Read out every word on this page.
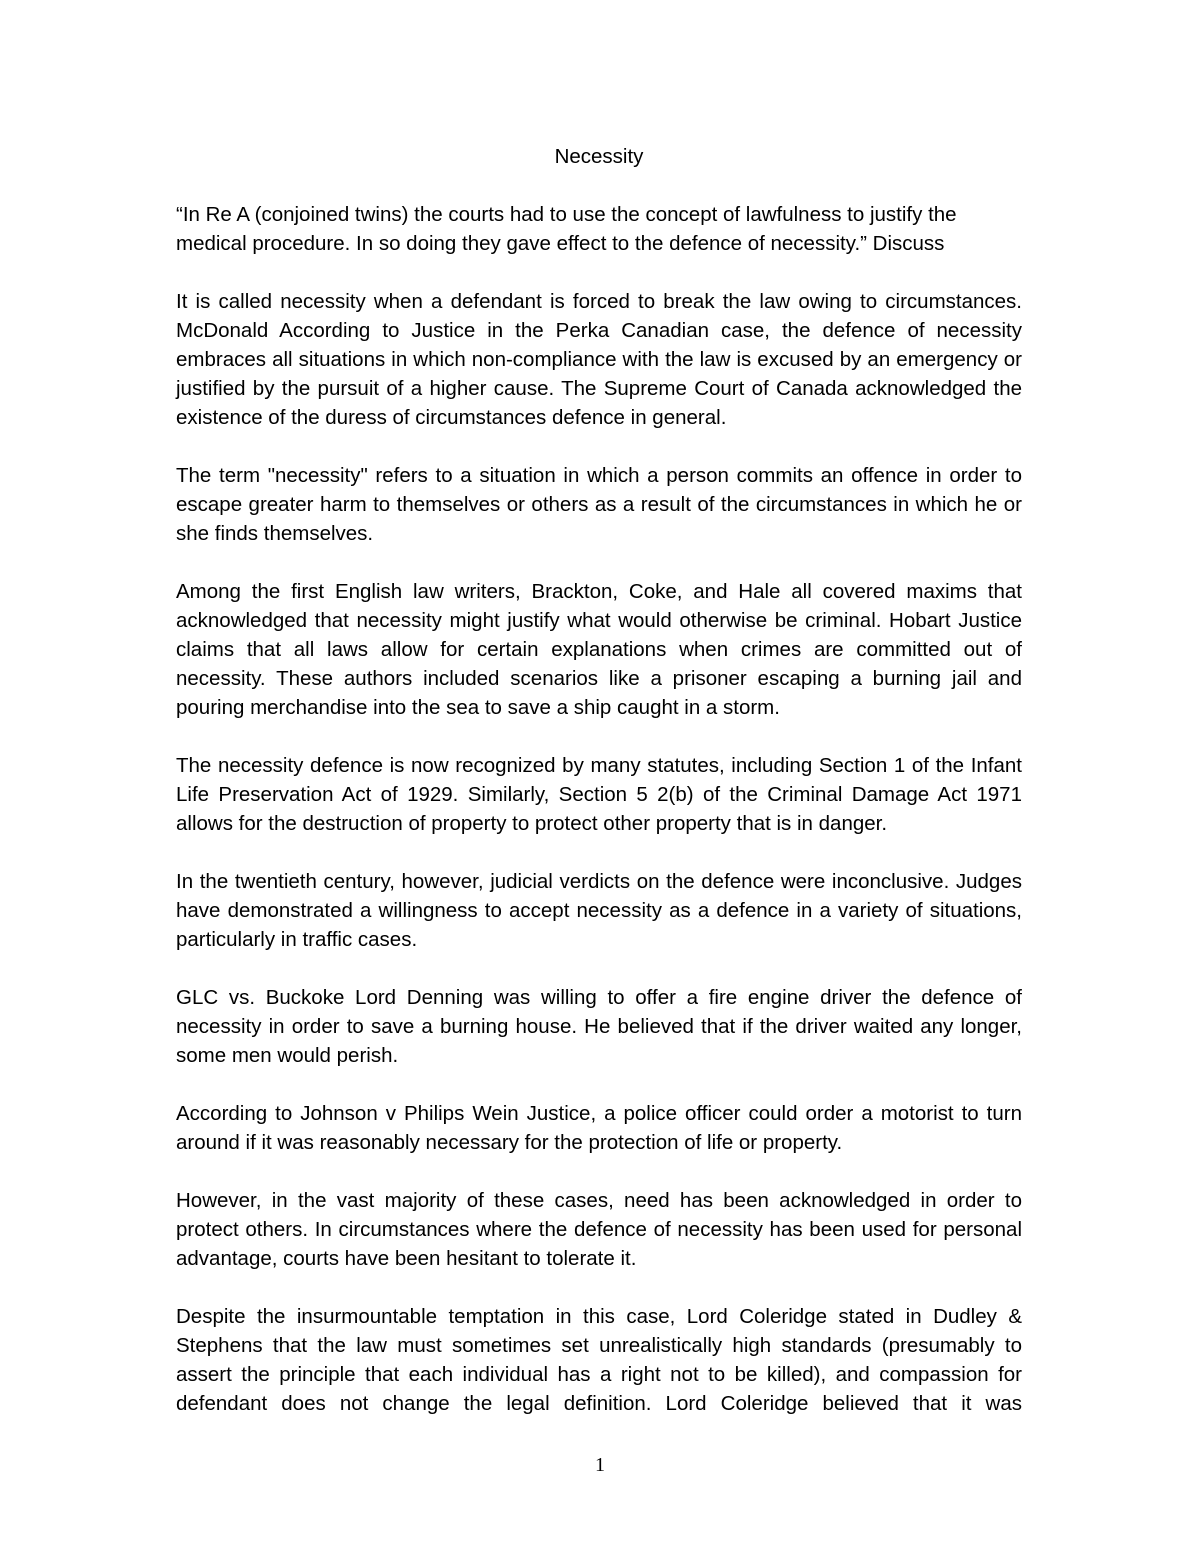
Necessity

“In Re A (conjoined twins) the courts had to use the concept of lawfulness to justify the medical procedure. In so doing they gave effect to the defence of necessity.” Discuss

It is called necessity when a defendant is forced to break the law owing to circumstances. McDonald According to Justice in the Perka Canadian case, the defence of necessity embraces all situations in which non-compliance with the law is excused by an emergency or justified by the pursuit of a higher cause. The Supreme Court of Canada acknowledged the existence of the duress of circumstances defence in general.

The term "necessity" refers to a situation in which a person commits an offence in order to escape greater harm to themselves or others as a result of the circumstances in which he or she finds themselves.

Among the first English law writers, Brackton, Coke, and Hale all covered maxims that acknowledged that necessity might justify what would otherwise be criminal. Hobart Justice claims that all laws allow for certain explanations when crimes are committed out of necessity. These authors included scenarios like a prisoner escaping a burning jail and pouring merchandise into the sea to save a ship caught in a storm.

The necessity defence is now recognized by many statutes, including Section 1 of the Infant Life Preservation Act of 1929. Similarly, Section 5 2(b) of the Criminal Damage Act 1971 allows for the destruction of property to protect other property that is in danger.

In the twentieth century, however, judicial verdicts on the defence were inconclusive. Judges have demonstrated a willingness to accept necessity as a defence in a variety of situations, particularly in traffic cases.

GLC vs. Buckoke Lord Denning was willing to offer a fire engine driver the defence of necessity in order to save a burning house. He believed that if the driver waited any longer, some men would perish.

According to Johnson v Philips Wein Justice, a police officer could order a motorist to turn around if it was reasonably necessary for the protection of life or property.

However, in the vast majority of these cases, need has been acknowledged in order to protect others. In circumstances where the defence of necessity has been used for personal advantage, courts have been hesitant to tolerate it.

Despite the insurmountable temptation in this case, Lord Coleridge stated in Dudley & Stephens that the law must sometimes set unrealistically high standards (presumably to assert the principle that each individual has a right not to be killed), and compassion for defendant does not change the legal definition. Lord Coleridge believed that it was

1
